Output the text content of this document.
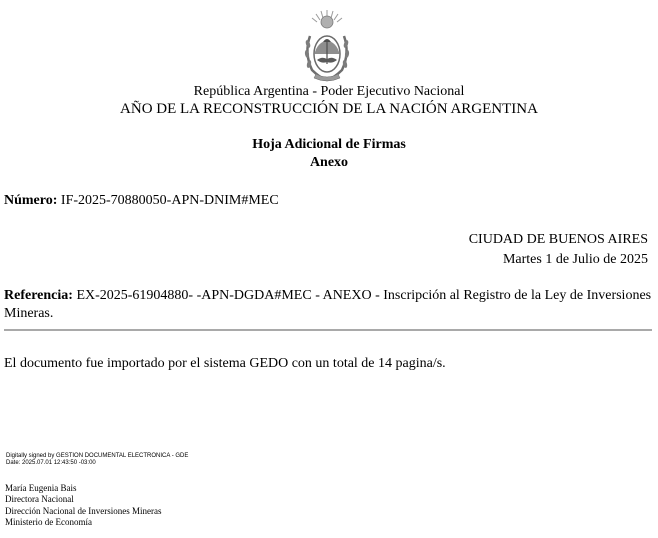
República Argentina - Poder Ejecutivo Nacional
AÑO DE LA RECONSTRUCCIÓN DE LA NACIÓN ARGENTINA
Hoja Adicional de Firmas
Anexo
Número: IF-2025-70880050-APN-DNIM#MEC
CIUDAD DE BUENOS AIRES
Martes 1 de Julio de 2025
Referencia: EX-2025-61904880- -APN-DGDA#MEC - ANEXO - Inscripción al Registro de la Ley de Inversiones Mineras.
El documento fue importado por el sistema GEDO con un total de 14 pagina/s.
Digitally signed by GESTION DOCUMENTAL ELECTRONICA - GDE
Date: 2025.07.01 12:43:50 -03:00
María Eugenia Bais
Directora Nacional
Dirección Nacional de Inversiones Mineras
Ministerio de Economía
